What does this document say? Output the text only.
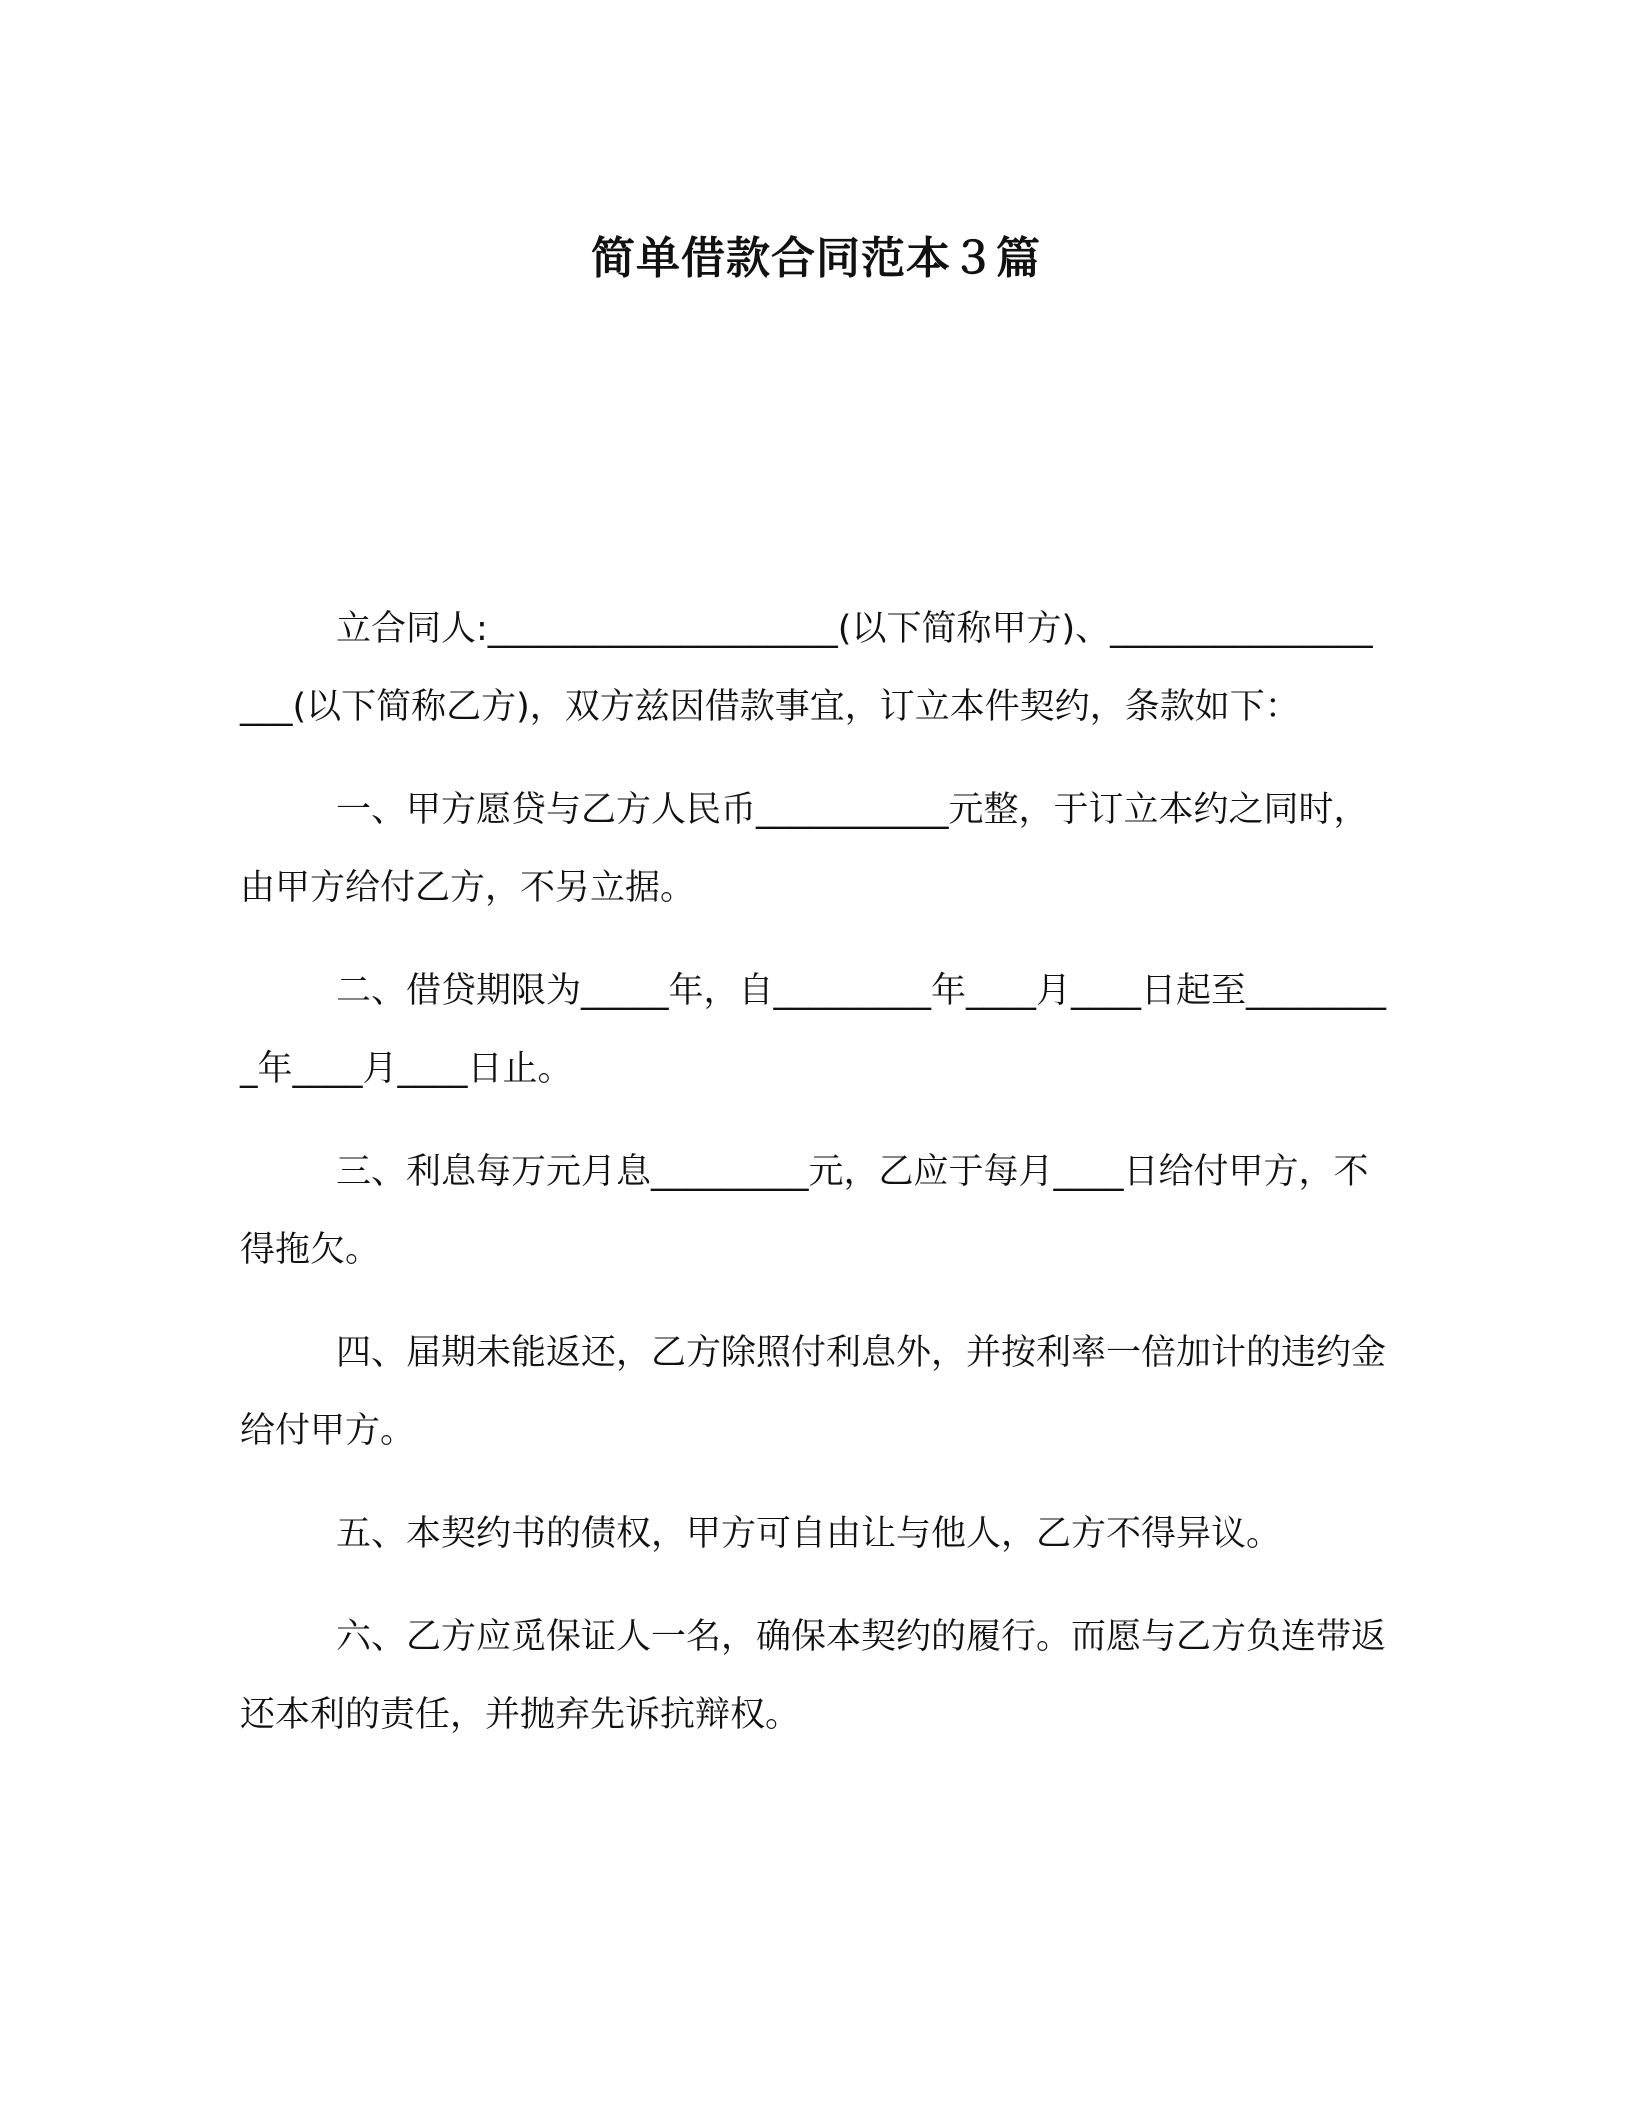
简单借款合同范本３篇

立合同人:____________________(以下简称甲方)、__________________(以下简称乙方)，双方兹因借款事宜，订立本件契约，条款如下：

一、甲方愿贷与乙方人民币___________元整，于订立本约之同时，由甲方给付乙方，不另立据。

二、借贷期限为_____年，自_________年____月____日起至_________年____月____日止。

三、利息每万元月息_________元，乙应于每月____日给付甲方，不得拖欠。

四、届期未能返还，乙方除照付利息外，并按利率一倍加计的违约金给付甲方。

五、本契约书的债权，甲方可自由让与他人，乙方不得异议。

六、乙方应觅保证人一名，确保本契约的履行。而愿与乙方负连带返还本利的责任，并抛弃先诉抗辩权。
